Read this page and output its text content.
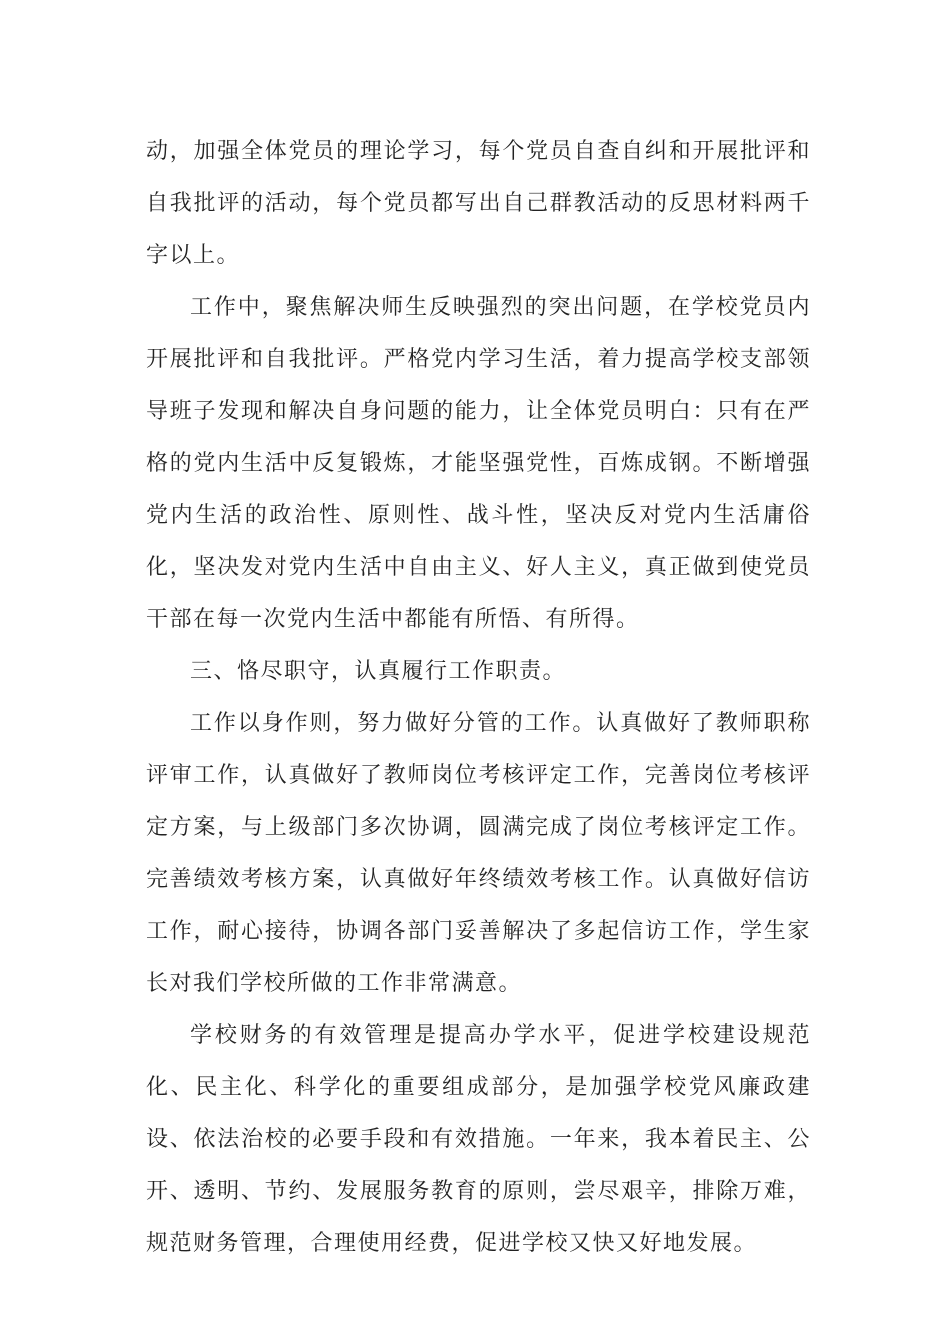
动，加强全体党员的理论学习，每个党员自查自纠和开展批评和自我批评的活动，每个党员都写出自己群教活动的反思材料两千字以上。

工作中，聚焦解决师生反映强烈的突出问题，在学校党员内开展批评和自我批评。严格党内学习生活，着力提高学校支部领导班子发现和解决自身问题的能力，让全体党员明白：只有在严格的党内生活中反复锻炼，才能坚强党性，百炼成钢。不断增强党内生活的政治性、原则性、战斗性，坚决反对党内生活庸俗化，坚决发对党内生活中自由主义、好人主义，真正做到使党员干部在每一次党内生活中都能有所悟、有所得。

三、恪尽职守，认真履行工作职责。

工作以身作则，努力做好分管的工作。认真做好了教师职称评审工作，认真做好了教师岗位考核评定工作，完善岗位考核评定方案，与上级部门多次协调，圆满完成了岗位考核评定工作。完善绩效考核方案，认真做好年终绩效考核工作。认真做好信访工作，耐心接待，协调各部门妥善解决了多起信访工作，学生家长对我们学校所做的工作非常满意。

学校财务的有效管理是提高办学水平，促进学校建设规范化、民主化、科学化的重要组成部分，是加强学校党风廉政建设、依法治校的必要手段和有效措施。一年来，我本着民主、公开、透明、节约、发展服务教育的原则，尝尽艰辛，排除万难，规范财务管理，合理使用经费，促进学校又快又好地发展。
